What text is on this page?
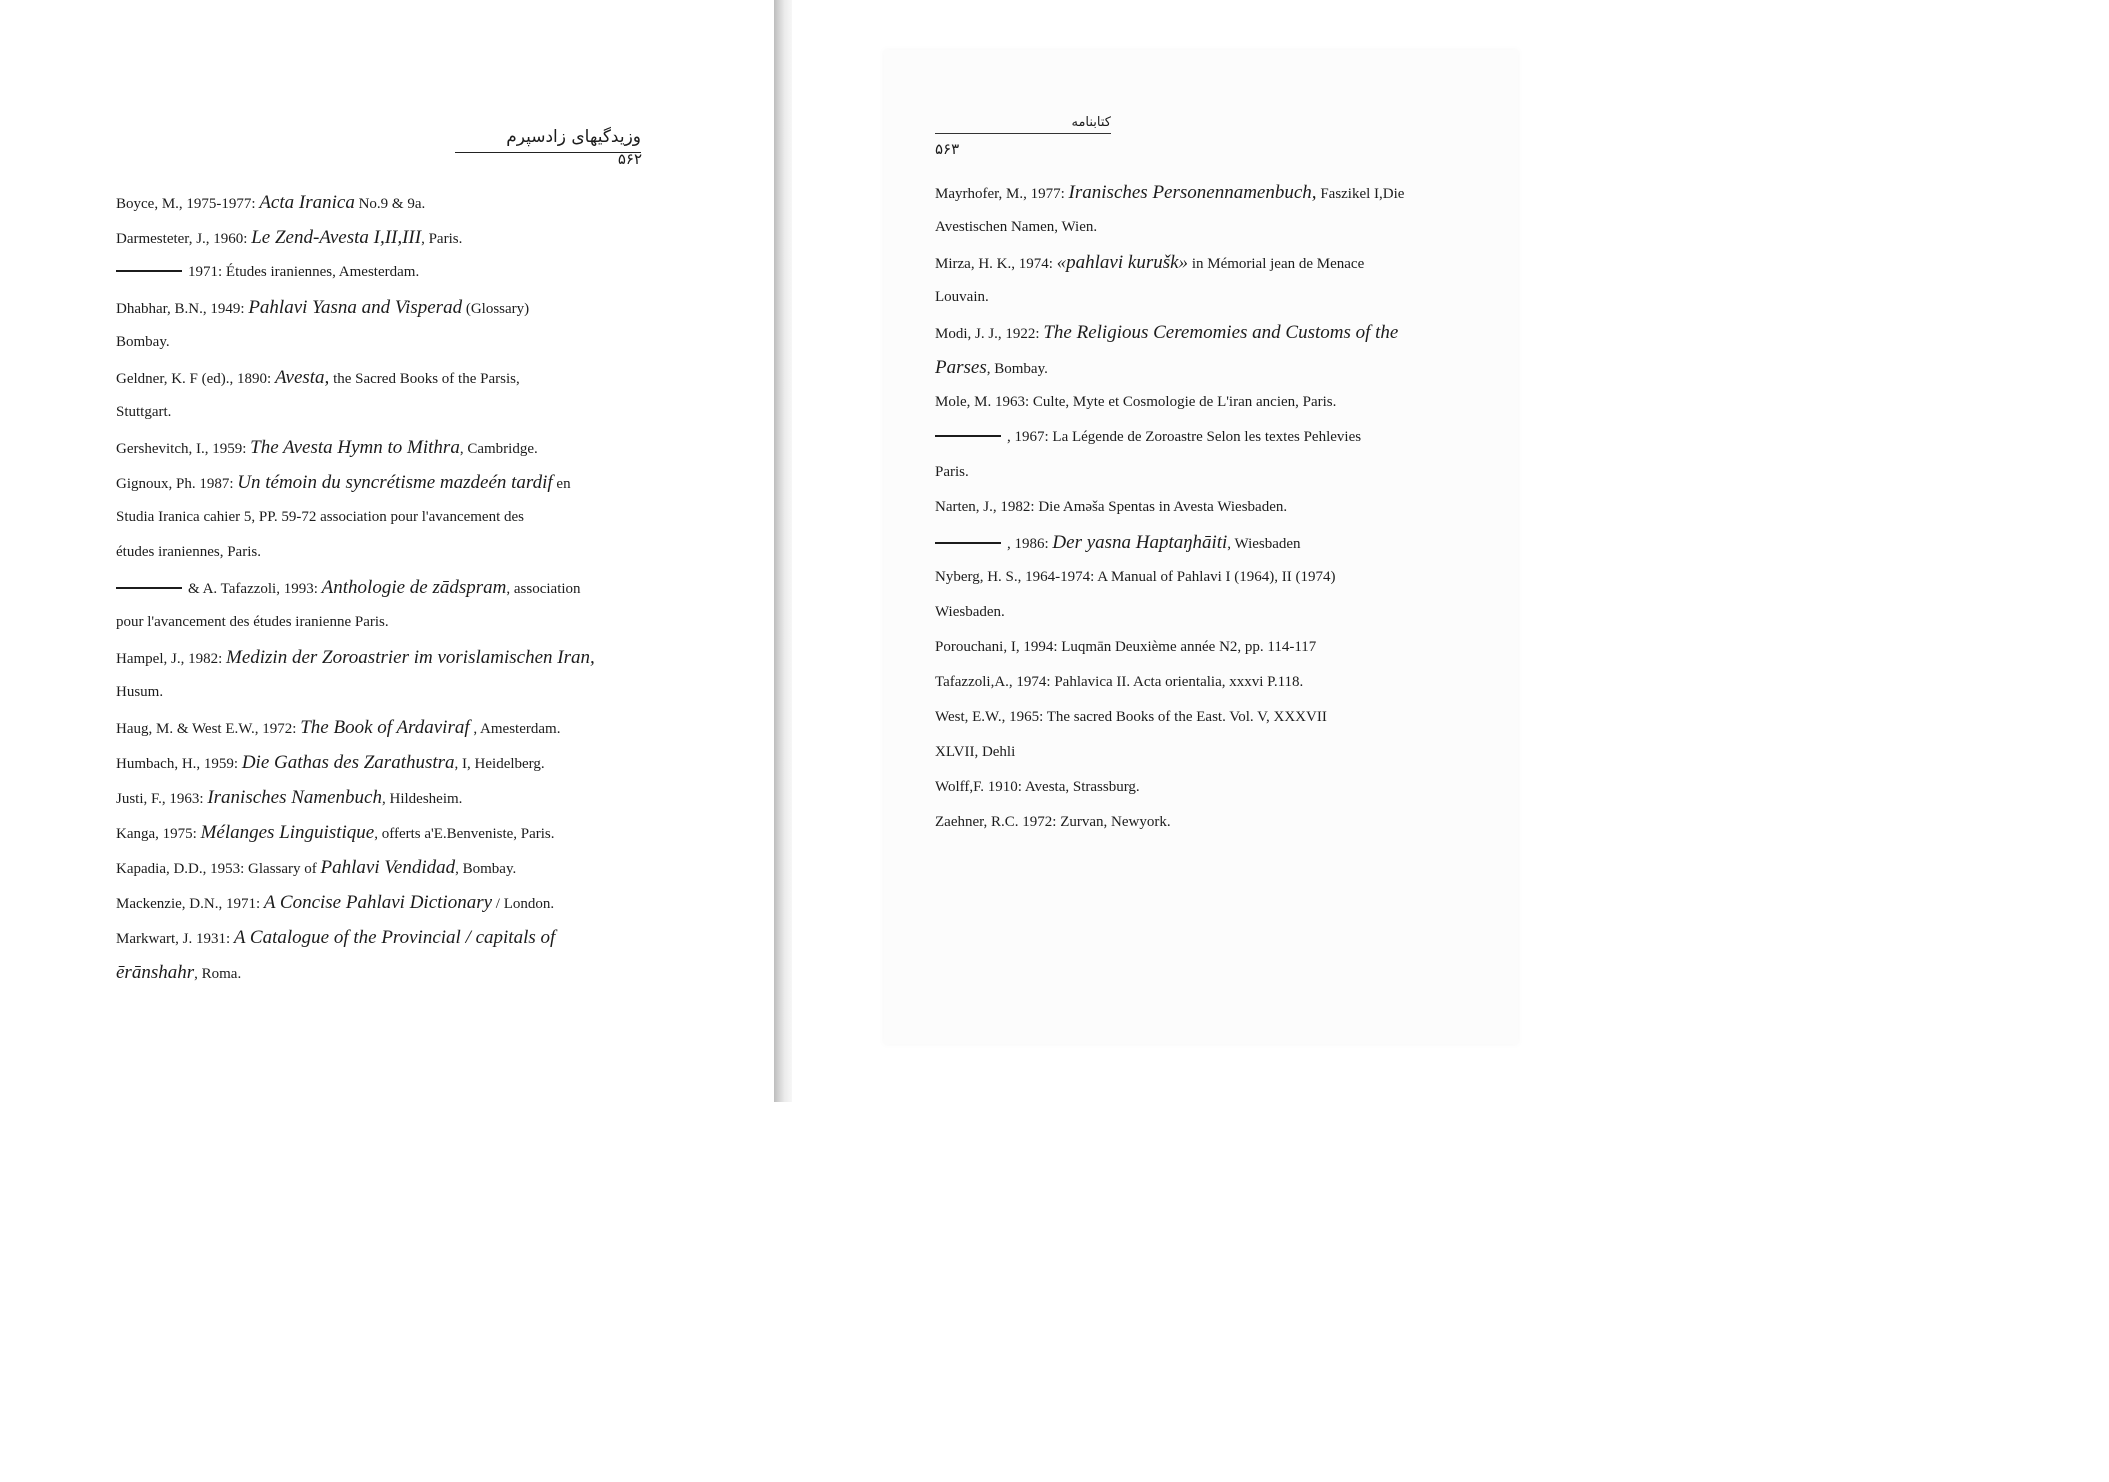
وزیدگیهای زادسپرم
۵۶۲
Boyce, M., 1975-1977: Acta Iranica No.9 & 9a.
Darmesteter, J., 1960: Le Zend-Avesta I,II,III, Paris.
1971: Études iraniennes, Amesterdam.
Dhabhar, B.N., 1949: Pahlavi Yasna and Visperad (Glossary)
Bombay.
Geldner, K. F (ed)., 1890: Avesta, the Sacred Books of the Parsis,
Stuttgart.
Gershevitch, I., 1959: The Avesta Hymn to Mithra, Cambridge.
Gignoux, Ph. 1987: Un témoin du syncrétisme mazdeén tardif en
Studia Iranica cahier 5, PP. 59-72 association pour l'avancement des
études iraniennes, Paris.
& A. Tafazzoli, 1993: Anthologie de zādspram, association
pour l'avancement des études iranienne Paris.
Hampel, J., 1982: Medizin der Zoroastrier im vorislamischen Iran,
Husum.
Haug, M. & West E.W., 1972: The Book of Ardaviraf , Amesterdam.
Humbach, H., 1959: Die Gathas des Zarathustra, I, Heidelberg.
Justi, F., 1963: Iranisches Namenbuch, Hildesheim.
Kanga, 1975: Mélanges Linguistique, offerts a'E.Benveniste, Paris.
Kapadia, D.D., 1953: Glassary of Pahlavi Vendidad, Bombay.
Mackenzie, D.N., 1971: A Concise Pahlavi Dictionary / London.
Markwart, J. 1931: A Catalogue of the Provincial / capitals of
ērānshahr, Roma.
کتابنامه
۵۶۳
Mayrhofer, M., 1977: Iranisches Personennamenbuch, Faszikel I,Die
Avestischen Namen, Wien.
Mirza, H. K., 1974: «pahlavi kurušk» in Mémorial jean de Menace
Louvain.
Modi, J. J., 1922: The Religious Ceremomies and Customs of the
Parses, Bombay.
Mole, M. 1963: Culte, Myte et Cosmologie de L'iran ancien, Paris.
, 1967: La Légende de Zoroastre Selon les textes Pehlevies
Paris.
Narten, J., 1982: Die Aməša Spentas in Avesta Wiesbaden.
, 1986: Der yasna Haptaŋhāiti, Wiesbaden
Nyberg, H. S., 1964-1974: A Manual of Pahlavi I (1964), II (1974)
Wiesbaden.
Porouchani, I, 1994: Luqmān Deuxième année N2, pp. 114-117
Tafazzoli,A., 1974: Pahlavica II. Acta orientalia, xxxvi P.118.
West, E.W., 1965: The sacred Books of the East. Vol. V, XXXVII
XLVII, Dehli
Wolff,F. 1910: Avesta, Strassburg.
Zaehner, R.C. 1972: Zurvan, Newyork.
